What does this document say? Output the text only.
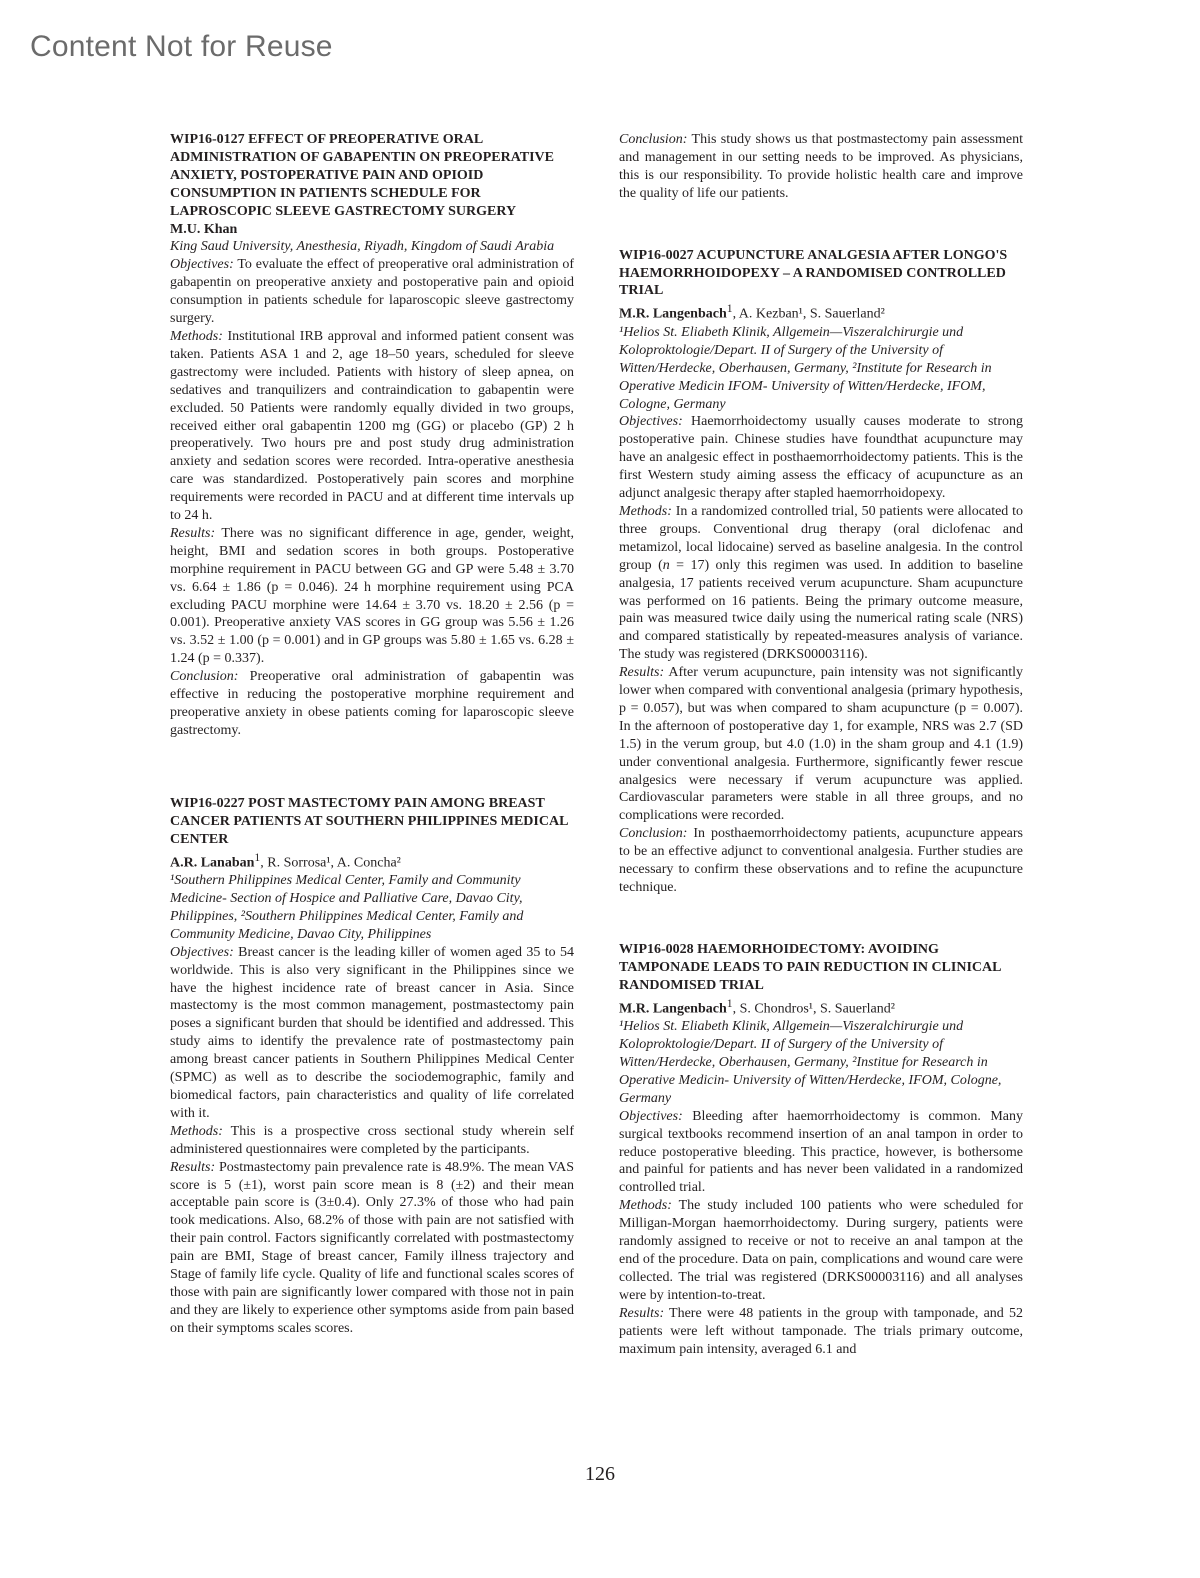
Content Not for Reuse

WIP16-0127 EFFECT OF PREOPERATIVE ORAL ADMINISTRATION OF GABAPENTIN ON PREOPERATIVE ANXIETY, POSTOPERATIVE PAIN AND OPIOID CONSUMPTION IN PATIENTS SCHEDULE FOR LAPROSCOPIC SLEEVE GASTRECTOMY SURGERY

M.U. Khan

King Saud University, Anesthesia, Riyadh, Kingdom of Saudi Arabia

Objectives: To evaluate the effect of preoperative oral administration of gabapentin on preoperative anxiety and postoperative pain and opioid consumption in patients schedule for laparoscopic sleeve gastrectomy surgery.

Methods: Institutional IRB approval and informed patient consent was taken. Patients ASA 1 and 2, age 18–50 years, scheduled for sleeve gastrectomy were included. Patients with history of sleep apnea, on sedatives and tranquilizers and contraindication to gabapentin were excluded. 50 Patients were randomly equally divided in two groups, received either oral gabapentin 1200 mg (GG) or placebo (GP) 2 h preoperatively. Two hours pre and post study drug administration anxiety and sedation scores were recorded. Intra-operative anesthesia care was standardized. Postoperatively pain scores and morphine requirements were recorded in PACU and at different time intervals up to 24 h.

Results: There was no significant difference in age, gender, weight, height, BMI and sedation scores in both groups. Postoperative morphine requirement in PACU between GG and GP were 5.48 ± 3.70 vs. 6.64 ± 1.86 (p = 0.046). 24 h morphine requirement using PCA excluding PACU morphine were 14.64 ± 3.70 vs. 18.20 ± 2.56 (p = 0.001). Preoperative anxiety VAS scores in GG group was 5.56 ± 1.26 vs. 3.52 ± 1.00 (p = 0.001) and in GP groups was 5.80 ± 1.65 vs. 6.28 ± 1.24 (p = 0.337).

Conclusion: Preoperative oral administration of gabapentin was effective in reducing the postoperative morphine requirement and preoperative anxiety in obese patients coming for laparoscopic sleeve gastrectomy.

WIP16-0227 POST MASTECTOMY PAIN AMONG BREAST CANCER PATIENTS AT SOUTHERN PHILIPPINES MEDICAL CENTER

A.R. Lanaban$^1$, R. Sorrosa¹, A. Concha²

¹Southern Philippines Medical Center, Family and Community Medicine- Section of Hospice and Palliative Care, Davao City, Philippines, ²Southern Philippines Medical Center, Family and Community Medicine, Davao City, Philippines

Objectives: Breast cancer is the leading killer of women aged 35 to 54 worldwide. This is also very significant in the Philippines since we have the highest incidence rate of breast cancer in Asia. Since mastectomy is the most common management, postmastectomy pain poses a significant burden that should be identified and addressed. This study aims to identify the prevalence rate of postmastectomy pain among breast cancer patients in Southern Philippines Medical Center (SPMC) as well as to describe the sociodemographic, family and biomedical factors, pain characteristics and quality of life correlated with it.

Methods: This is a prospective cross sectional study wherein self administered questionnaires were completed by the participants.

Results: Postmastectomy pain prevalence rate is 48.9%. The mean VAS score is 5 (±1), worst pain score mean is 8 (±2) and their mean acceptable pain score is (3±0.4). Only 27.3% of those who had pain took medications. Also, 68.2% of those with pain are not satisfied with their pain control. Factors significantly correlated with postmastectomy pain are BMI, Stage of breast cancer, Family illness trajectory and Stage of family life cycle. Quality of life and functional scales scores of those with pain are significantly lower compared with those not in pain and they are likely to experience other symptoms aside from pain based on their symptoms scales scores.

Conclusion: This study shows us that postmastectomy pain assessment and management in our setting needs to be improved. As physicians, this is our responsibility. To provide holistic health care and improve the quality of life our patients.

WIP16-0027 ACUPUNCTURE ANALGESIA AFTER LONGO'S HAEMORRHOIDOPEXY – A RANDOMISED CONTROLLED TRIAL

M.R. Langenbach$^1$, A. Kezban¹, S. Sauerland²

¹Helios St. Eliabeth Klinik, Allgemein—Viszeralchirurgie und Koloproktologie/Depart. II of Surgery of the University of Witten/Herdecke, Oberhausen, Germany, ²Institute for Research in Operative Medicin IFOM- University of Witten/Herdecke, IFOM, Cologne, Germany

Objectives: Haemorrhoidectomy usually causes moderate to strong postoperative pain. Chinese studies have foundthat acupuncture may have an analgesic effect in posthaemorrhoidectomy patients. This is the first Western study aiming assess the efficacy of acupuncture as an adjunct analgesic therapy after stapled haemorrhoidopexy.

Methods: In a randomized controlled trial, 50 patients were allocated to three groups. Conventional drug therapy (oral diclofenac and metamizol, local lidocaine) served as baseline analgesia. In the control group (n = 17) only this regimen was used. In addition to baseline analgesia, 17 patients received verum acupuncture. Sham acupuncture was performed on 16 patients. Being the primary outcome measure, pain was measured twice daily using the numerical rating scale (NRS) and compared statistically by repeated-measures analysis of variance. The study was registered (DRKS00003116).

Results: After verum acupuncture, pain intensity was not significantly lower when compared with conventional analgesia (primary hypothesis, p = 0.057), but was when compared to sham acupuncture (p = 0.007). In the afternoon of postoperative day 1, for example, NRS was 2.7 (SD 1.5) in the verum group, but 4.0 (1.0) in the sham group and 4.1 (1.9) under conventional analgesia. Furthermore, significantly fewer rescue analgesics were necessary if verum acupuncture was applied. Cardiovascular parameters were stable in all three groups, and no complications were recorded.

Conclusion: In posthaemorrhoidectomy patients, acupuncture appears to be an effective adjunct to conventional analgesia. Further studies are necessary to confirm these observations and to refine the acupuncture technique.

WIP16-0028 HAEMORHOIDECTOMY: AVOIDING TAMPONADE LEADS TO PAIN REDUCTION IN CLINICAL RANDOMISED TRIAL

M.R. Langenbach$^1$, S. Chondros¹, S. Sauerland²

¹Helios St. Eliabeth Klinik, Allgemein—Viszeralchirurgie und Koloproktologie/Depart. II of Surgery of the University of Witten/Herdecke, Oberhausen, Germany, ²Institue for Research in Operative Medicin- University of Witten/Herdecke, IFOM, Cologne, Germany

Objectives: Bleeding after haemorrhoidectomy is common. Many surgical textbooks recommend insertion of an anal tampon in order to reduce postoperative bleeding. This practice, however, is bothersome and painful for patients and has never been validated in a randomized controlled trial.

Methods: The study included 100 patients who were scheduled for Milligan-Morgan haemorrhoidectomy. During surgery, patients were randomly assigned to receive or not to receive an anal tampon at the end of the procedure. Data on pain, complications and wound care were collected. The trial was registered (DRKS00003116) and all analyses were by intention-to-treat.

Results: There were 48 patients in the group with tamponade, and 52 patients were left without tamponade. The trials primary outcome, maximum pain intensity, averaged 6.1 and

126
